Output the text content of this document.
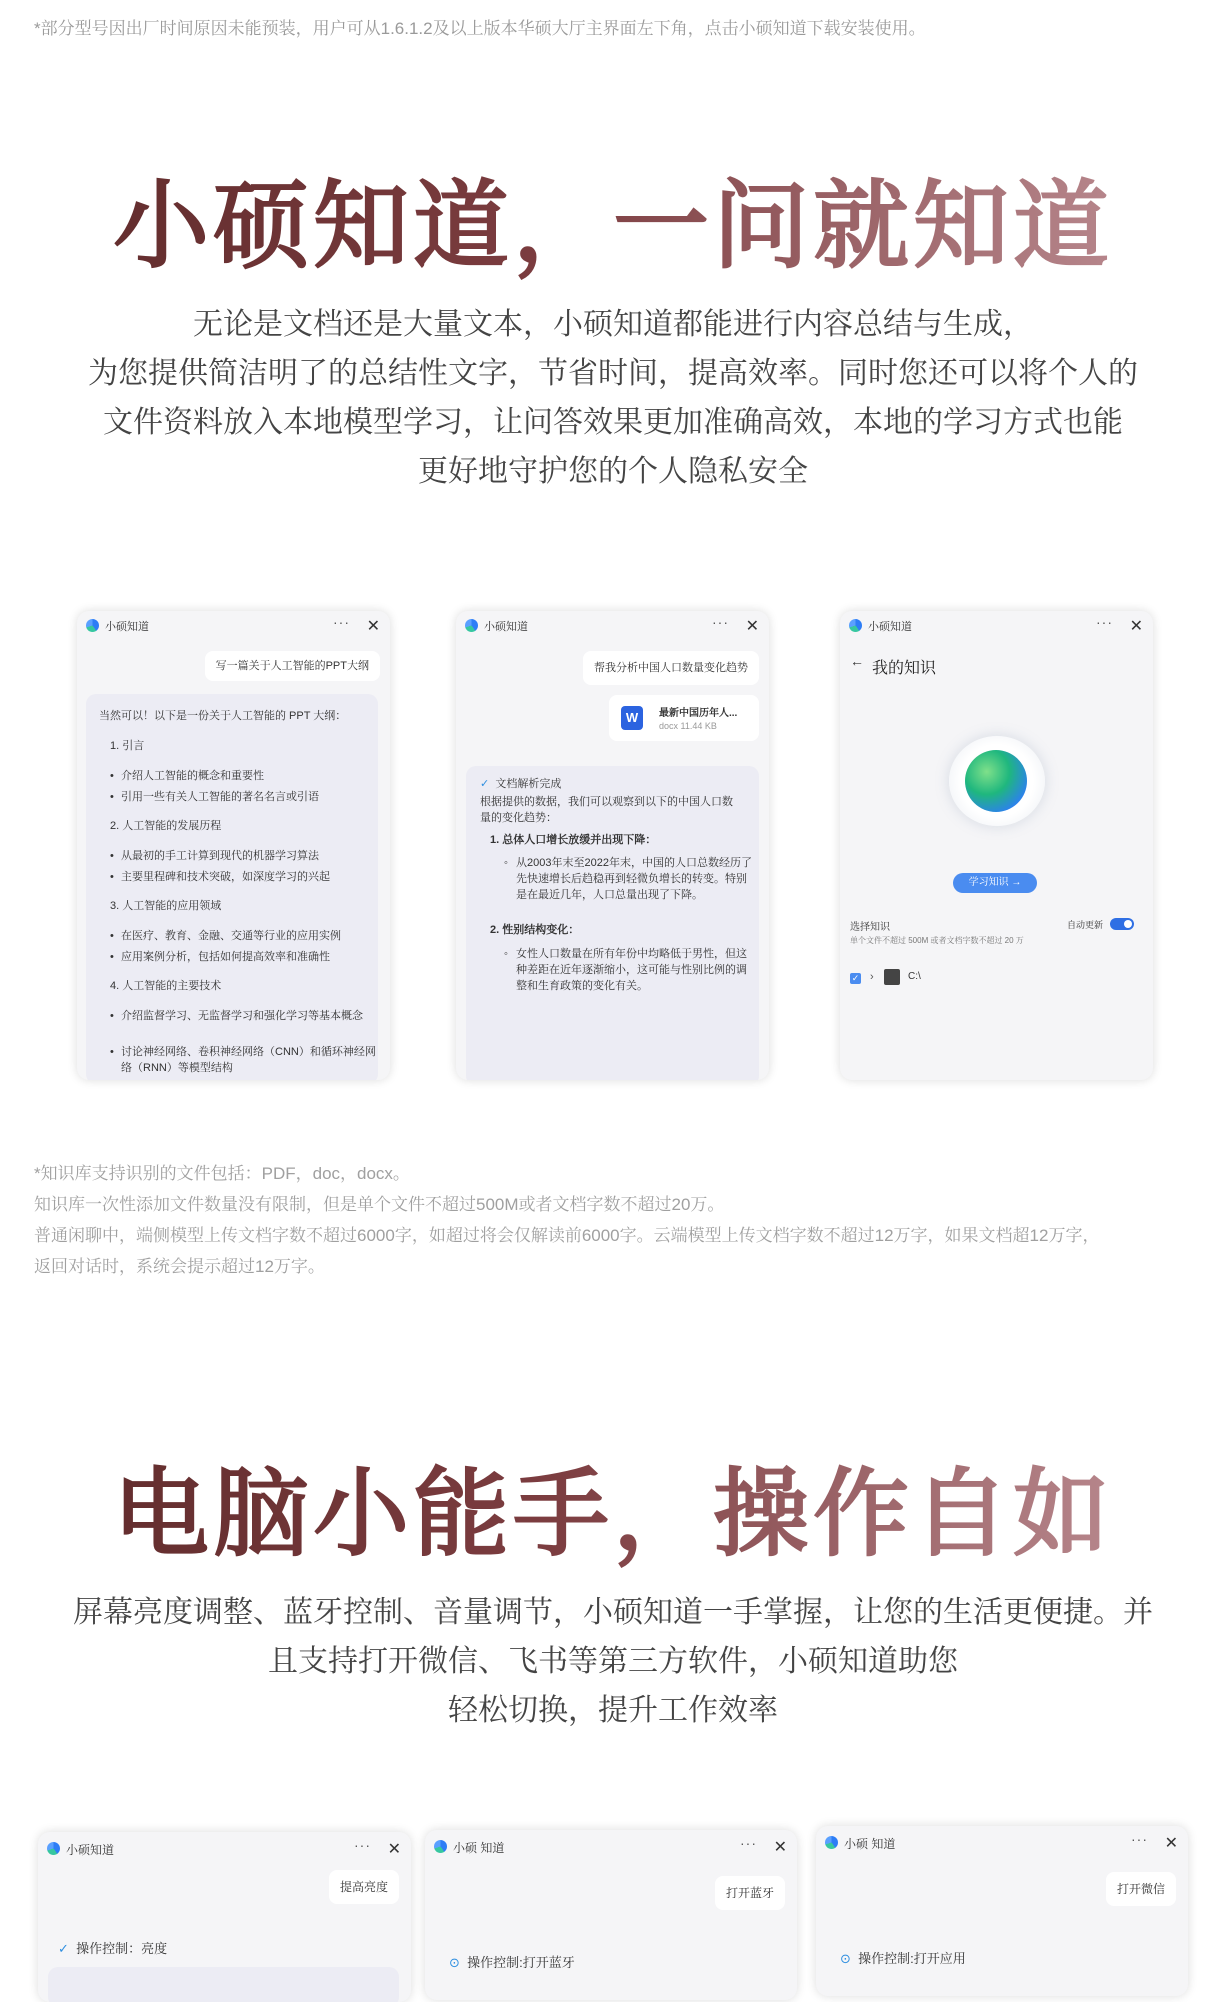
*部分型号因出厂时间原因未能预装，用户可从1.6.1.2及以上版本华硕大厅主界面左下角，点击小硕知道下载安装使用。
小硕知道，一问就知道
无论是文档还是大量文本，小硕知道都能进行内容总结与生成，
为您提供简洁明了的总结性文字，节省时间，提高效率。同时您还可以将个人的
文件资料放入本地模型学习，让问答效果更加准确高效，本地的学习方式也能
更好地守护您的个人隐私安全
小硕知道	··· ✕
写一篇关于人工智能的PPT大纲
当然可以！以下是一份关于人工智能的 PPT 大纲：
1. 引言
• 介绍人工智能的概念和重要性
• 引用一些有关人工智能的著名名言或引语
2. 人工智能的发展历程
• 从最初的手工计算到现代的机器学习算法
• 主要里程碑和技术突破，如深度学习的兴起
3. 人工智能的应用领域
• 在医疗、教育、金融、交通等行业的应用实例
• 应用案例分析，包括如何提高效率和准确性
4. 人工智能的主要技术
• 介绍监督学习、无监督学习和强化学习等基本概念
• 讨论神经网络、卷积神经网络（CNN）和循环神经网络（RNN）等模型结构
小硕知道	··· ✕
帮我分析中国人口数量变化趋势
W	最新中国历年人...
docx 11.44 KB
✓ 文档解析完成
根据提供的数据，我们可以观察到以下的中国人口数量的变化趋势：
1. 总体人口增长放缓并出现下降：
◦ 从2003年末至2022年末，中国的人口总数经历了先快速增长后趋稳再到轻微负增长的转变。特别是在最近几年，人口总量出现了下降。
2. 性别结构变化：
◦ 女性人口数量在所有年份中均略低于男性，但这种差距在近年逐渐缩小，这可能与性别比例的调整和生育政策的变化有关。
小硕知道	··· ✕
← 我的知识
学习知识 →
选择知识	自动更新
单个文件不超过 500M 或者文档字数不超过 20 万
✓ ›	C:\
*知识库支持识别的文件包括：PDF，doc，docx。
知识库一次性添加文件数量没有限制，但是单个文件不超过500M或者文档字数不超过20万。
普通闲聊中，端侧模型上传文档字数不超过6000字，如超过将会仅解读前6000字。云端模型上传文档字数不超过12万字，如果文档超12万字，
返回对话时，系统会提示超过12万字。
电脑小能手，操作自如
屏幕亮度调整、蓝牙控制、音量调节，小硕知道一手掌握，让您的生活更便捷。并
且支持打开微信、飞书等第三方软件，小硕知道助您
轻松切换，提升工作效率
小硕知道	··· ✕
提高亮度
✓ 操作控制：亮度
小硕 知道	··· ✕
打开蓝牙
⊙ 操作控制:打开蓝牙
小硕 知道	··· ✕
打开微信
⊙ 操作控制:打开应用
